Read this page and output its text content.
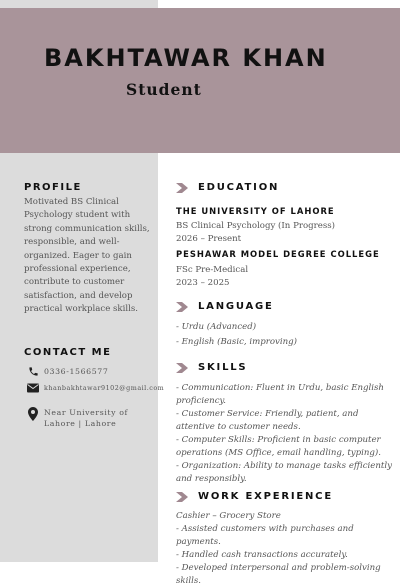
BAKHTAWAR KHAN
Student
PROFILE
Motivated BS Clinical Psychology student with strong communication skills, responsible, and well-organized. Eager to gain professional experience, contribute to customer satisfaction, and develop practical workplace skills.
CONTACT ME
0336-1566577
khanbakhtawar9102@gmail.com
Near University of Lahore | Lahore
EDUCATION
THE UNIVERSITY OF LAHORE
BS Clinical Psychology (In Progress)
2026 – Present
PESHAWAR MODEL DEGREE COLLEGE
FSc Pre-Medical
2023 – 2025
LANGUAGE
- Urdu (Advanced)
- English (Basic, improving)
SKILLS
- Communication: Fluent in Urdu, basic English proficiency.
- Customer Service: Friendly, patient, and attentive to customer needs.
- Computer Skills: Proficient in basic computer operations (MS Office, email handling, typing).
- Organization: Ability to manage tasks efficiently and responsibly.
WORK EXPERIENCE
Cashier – Grocery Store
- Assisted customers with purchases and payments.
- Handled cash transactions accurately.
- Developed interpersonal and problem-solving skills.
